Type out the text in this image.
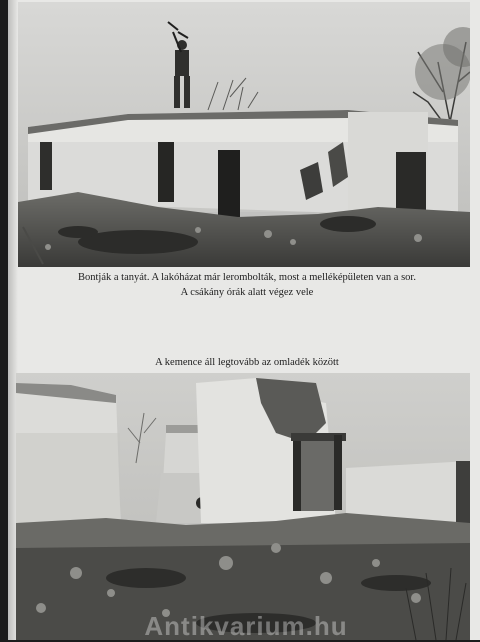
Bontják a tanyát. A lakóházat már lerombolták, most a melléképületen van a sor.
A csákány órák alatt végez vele
A kemence áll legtovább az omladék között
Antikvarium.hu
